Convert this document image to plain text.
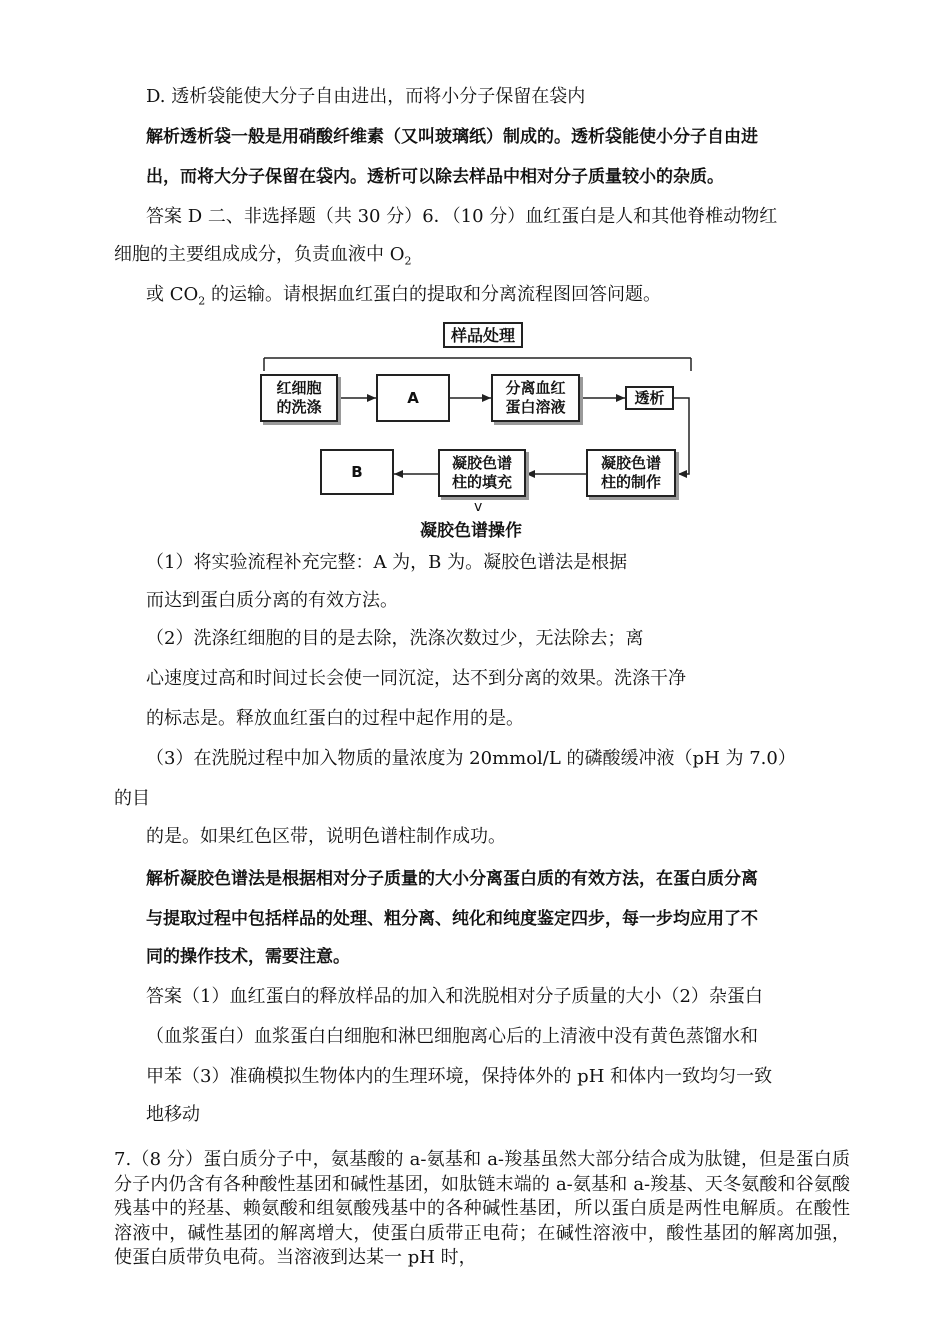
D. 透析袋能使大分子自由进出，而将小分子保留在袋内
解析透析袋一般是用硝酸纤维素（又叫玻璃纸）制成的。透析袋能使小分子自由进
出，而将大分子保留在袋内。透析可以除去样品中相对分子质量较小的杂质。
答案 D 二、非选择题（共 30 分）6．（10 分）血红蛋白是人和其他脊椎动物红
细胞的主要组成成分，负责血液中 $O_2$
或 $CO_2$ 的运输。请根据血红蛋白的提取和分离流程图回答问题。
样品处理
红细胞的洗涤
A
分离血红蛋白溶液
透析
凝胶色谱柱的制作
凝胶色谱柱的填充
B
v
凝胶色谱操作
（1）将实验流程补充完整：A 为，B 为。凝胶色谱法是根据
而达到蛋白质分离的有效方法。
（2）洗涤红细胞的目的是去除，洗涤次数过少，无法除去；离
心速度过高和时间过长会使一同沉淀，达不到分离的效果。洗涤干净
的标志是。释放血红蛋白的过程中起作用的是。
（3）在洗脱过程中加入物质的量浓度为 20mmol/L 的磷酸缓冲液（pH 为 7.0）
的目
的是。如果红色区带，说明色谱柱制作成功。
解析凝胶色谱法是根据相对分子质量的大小分离蛋白质的有效方法，在蛋白质分离
与提取过程中包括样品的处理、粗分离、纯化和纯度鉴定四步，每一步均应用了不
同的操作技术，需要注意。
答案（1）血红蛋白的释放样品的加入和洗脱相对分子质量的大小（2）杂蛋白
（血浆蛋白）血浆蛋白白细胞和淋巴细胞离心后的上清液中没有黄色蒸馏水和
甲苯（3）准确模拟生物体内的生理环境，保持体外的 pH 和体内一致均匀一致
地移动
7.（8 分）蛋白质分子中，氨基酸的 a-氨基和 a-羧基虽然大部分结合成为肽键，但是蛋白质分子内仍含有各种酸性基团和碱性基团，如肽链末端的 a-氨基和 a-羧基、天冬氨酸和谷氨酸残基中的羟基、赖氨酸和组氨酸残基中的各种碱性基团，所以蛋白质是两性电解质。在酸性溶液中，碱性基团的解离增大，使蛋白质带正电荷；在碱性溶液中，酸性基团的解离加强，使蛋白质带负电荷。当溶液到达某一 pH 时，
